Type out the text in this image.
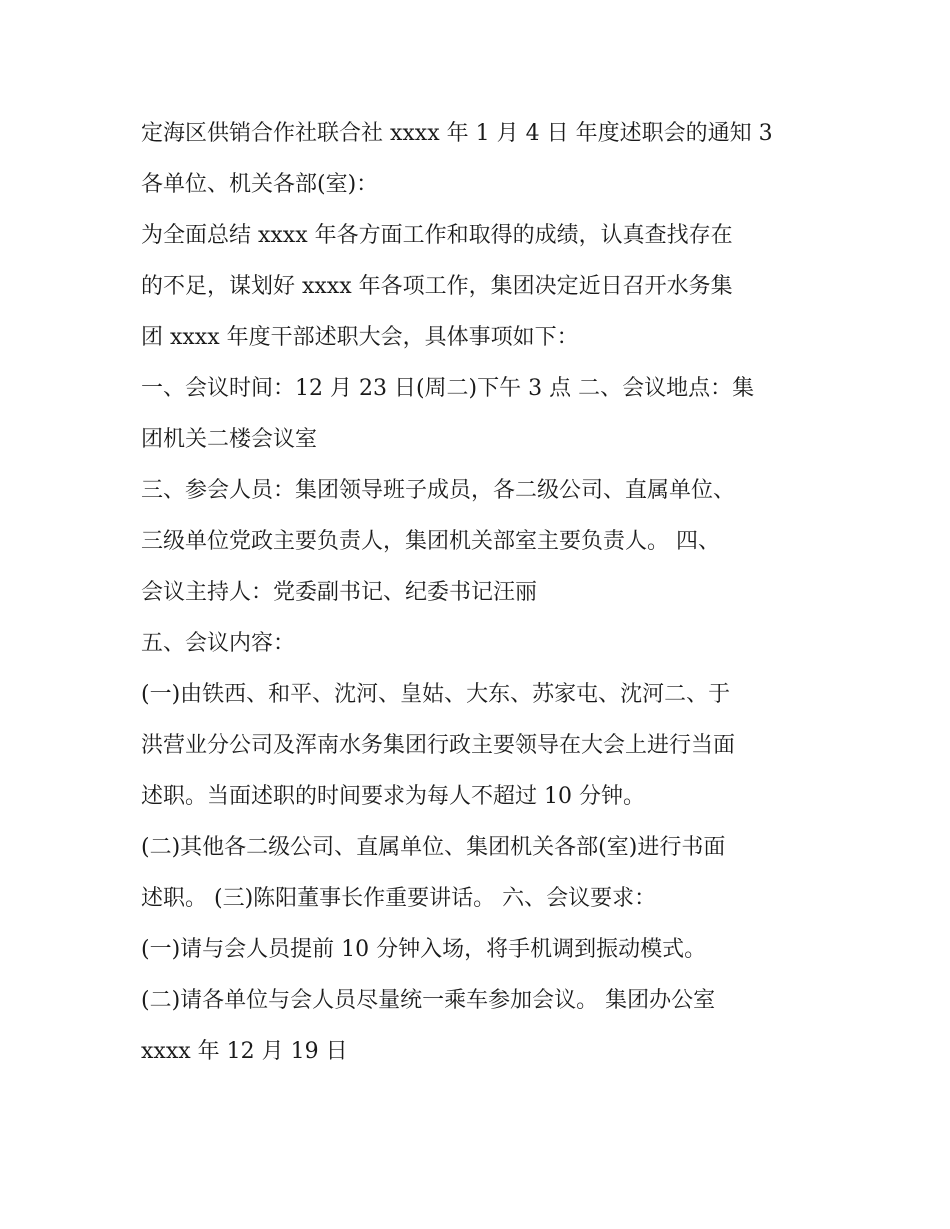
定海区供销合作社联合社 xxxx 年 1 月 4 日 年度述职会的通知 3
各单位、机关各部(室)：
为全面总结 xxxx 年各方面工作和取得的成绩，认真查找存在
的不足，谋划好 xxxx 年各项工作，集团决定近日召开水务集
团 xxxx 年度干部述职大会，具体事项如下：
一、会议时间：12 月 23 日(周二)下午 3 点 二、会议地点：集
团机关二楼会议室
三、参会人员：集团领导班子成员，各二级公司、直属单位、
三级单位党政主要负责人，集团机关部室主要负责人。 四、
会议主持人：党委副书记、纪委书记汪丽
五、会议内容：
(一)由铁西、和平、沈河、皇姑、大东、苏家屯、沈河二、于
洪营业分公司及浑南水务集团行政主要领导在大会上进行当面
述职。当面述职的时间要求为每人不超过 10 分钟。
(二)其他各二级公司、直属单位、集团机关各部(室)进行书面
述职。 (三)陈阳董事长作重要讲话。 六、会议要求：
(一)请与会人员提前 10 分钟入场，将手机调到振动模式。
(二)请各单位与会人员尽量统一乘车参加会议。 集团办公室
xxxx 年 12 月 19 日
